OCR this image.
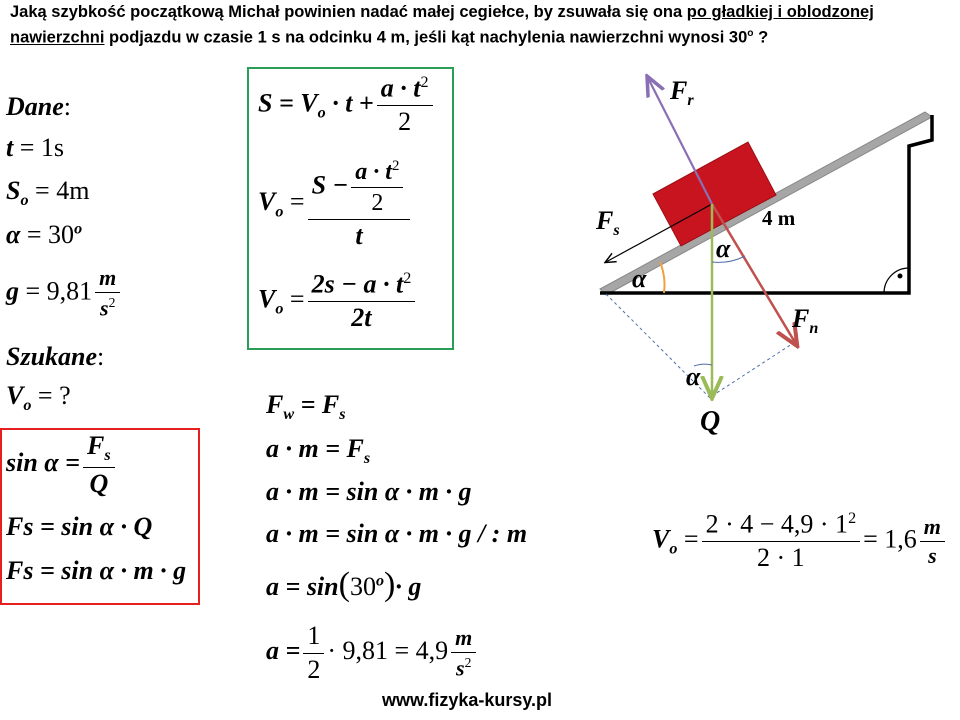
Jaką szybkość początkową Michał powinien nadać małej cegiełce, by zsuwała się ona po gładkiej i oblodzonej nawierzchni podjazdu w czasie 1 s na odcinku 4 m, jeśli kąt nachylenia nawierzchni wynosi 30$^o$ ?
Dane:
t = 1s
$S_o = 4m$
$\alpha = 30^o$
$g = 9,81 \frac{m}{s^2}$
Szukane:
$V_o$ = ?
$S = V_o \cdot t + \frac{a \cdot t^2}{2}$
$V_o = \frac{S - \frac{a \cdot t^2}{2}}{t}$
$V_o = \frac{2s - a \cdot t^2}{2t}$
$\sin \alpha = \frac{F_s}{Q}$
Fs = sin α · Q
Fs = sin α · m · g
$F_w = F_s$
$a \cdot m = F_s$
a · m = sin α · m · g
a · m = sin α · m · g / : m
$a = \sin(30^o)\cdot g$
$a = \frac{1}{2} \cdot 9,81 = 4,9 \frac{m}{s^2}$
$V_o = \frac{2 \cdot 4 - 4,9 \cdot 1^2}{2 \cdot 1} = 1,6 \frac{m}{s}$
$F_r$
$F_s$
$F_n$
Q
4 m
α
α
α
www.fizyka-kursy.pl
